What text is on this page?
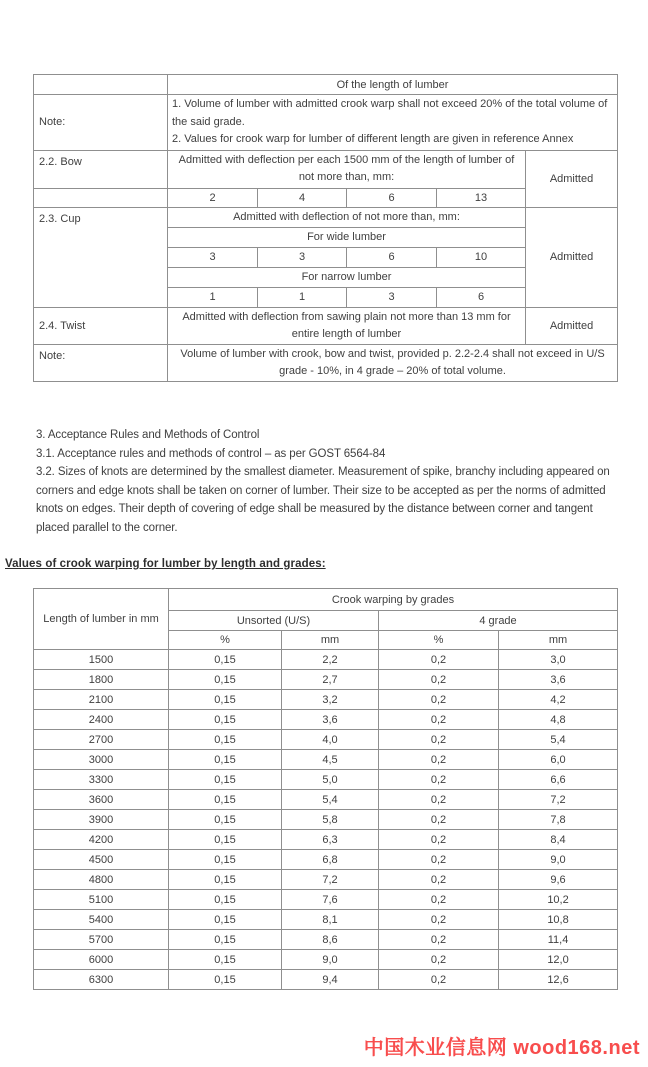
	Of the length of lumber				
Note:	1. Volume of lumber with admitted crook warp shall not exceed 20% of the total volume of the said grade.

2. Values for crook warp for lumber of different length are given in reference Annex				

2.2. Bow	Admitted with deflection per each 1500 mm of the length of lumber of not more than, mm:				Admitted
	2	4	6	13	
2.3. Cup	Admitted with deflection of not more than, mm:				Admitted
	For wide lumber				
	3	3	6	10	
	For narrow lumber				
	1	1	3	6	
2.4. Twist	Admitted with deflection from sawing plain not more than 13 mm for entire length of lumber				Admitted
Note:	Volume of lumber with crook, bow and twist, provided p. 2.2-2.4 shall not exceed in U/S grade - 10%, in 4 grade – 20% of total volume.				

3. Acceptance Rules and Methods of Control

3.1. Acceptance rules and methods of control – as per GOST 6564-84

3.2. Sizes of knots are determined by the smallest diameter. Measurement of spike, branchy including appeared on corners and edge knots shall be taken on corner of lumber. Their size to be accepted as per the norms of admitted knots on edges. Their depth of covering of edge shall be measured by the distance between corner and tangent placed parallel to the corner.

Values of crook warping for lumber by length and grades:
Length of lumber in mm	Crook warping by grades			
	Unsorted (U/S)		4 grade	
	%	mm	%	mm
1500	0,15	2,2	0,2	3,0
1800	0,15	2,7	0,2	3,6
2100	0,15	3,2	0,2	4,2
2400	0,15	3,6	0,2	4,8
2700	0,15	4,0	0,2	5,4
3000	0,15	4,5	0,2	6,0
3300	0,15	5,0	0,2	6,6
3600	0,15	5,4	0,2	7,2
3900	0,15	5,8	0,2	7,8
4200	0,15	6,3	0,2	8,4
4500	0,15	6,8	0,2	9,0
4800	0,15	7,2	0,2	9,6
5100	0,15	7,6	0,2	10,2
5400	0,15	8,1	0,2	10,8
5700	0,15	8,6	0,2	11,4
6000	0,15	9,0	0,2	12,0
6300	0,15	9,4	0,2	12,6
中国木业信息网 wood168.net
